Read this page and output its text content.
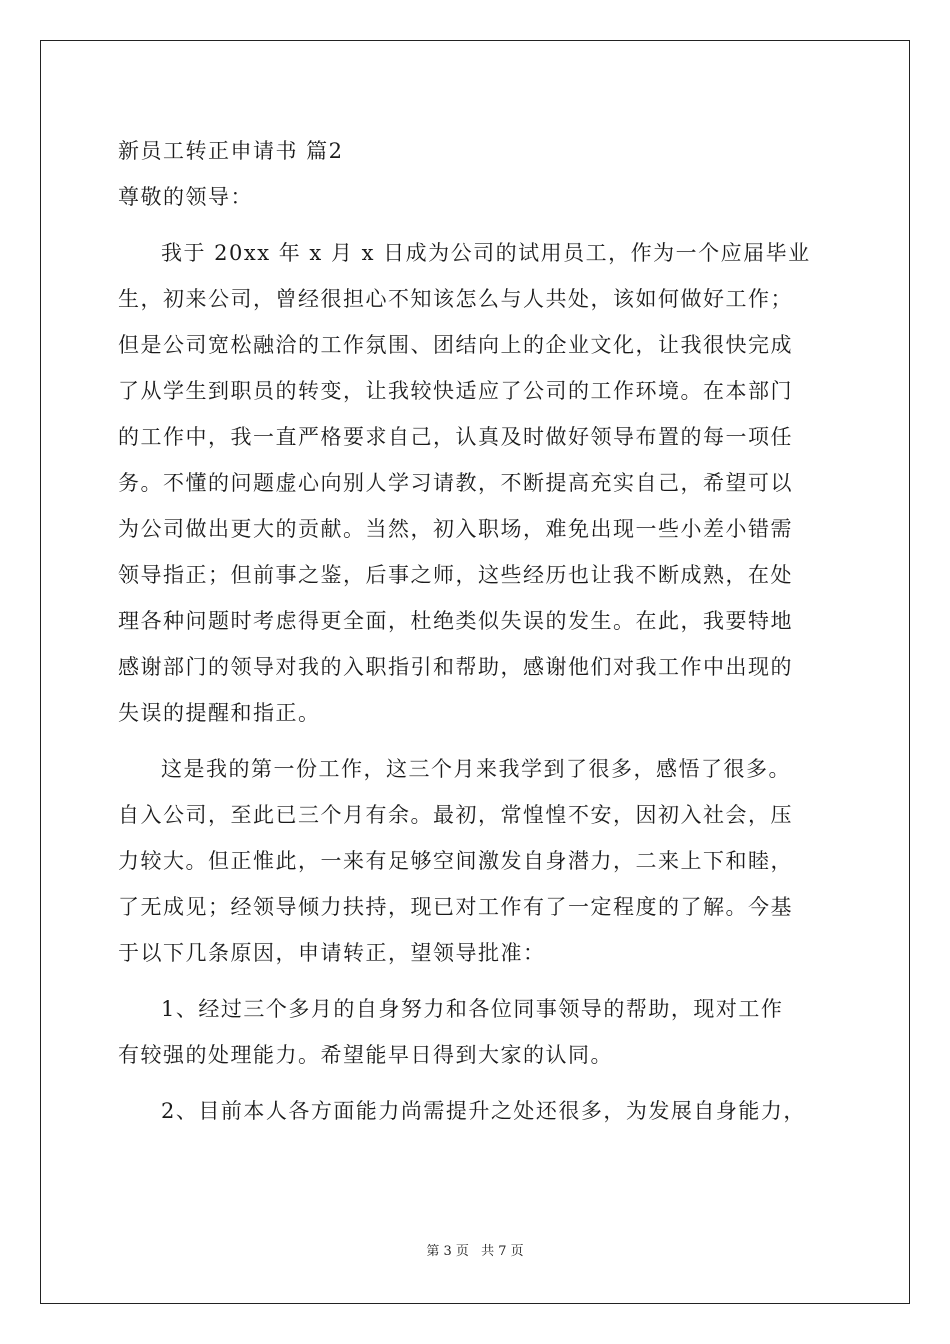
新员工转正申请书 篇2
尊敬的领导：
我于 20xx 年 x 月 x 日成为公司的试用员工，作为一个应届毕业
生，初来公司，曾经很担心不知该怎么与人共处，该如何做好工作；
但是公司宽松融洽的工作氛围、团结向上的企业文化，让我很快完成
了从学生到职员的转变，让我较快适应了公司的工作环境。在本部门
的工作中，我一直严格要求自己，认真及时做好领导布置的每一项任
务。不懂的问题虚心向别人学习请教，不断提高充实自己，希望可以
为公司做出更大的贡献。当然，初入职场，难免出现一些小差小错需
领导指正；但前事之鉴，后事之师，这些经历也让我不断成熟，在处
理各种问题时考虑得更全面，杜绝类似失误的发生。在此，我要特地
感谢部门的领导对我的入职指引和帮助，感谢他们对我工作中出现的
失误的提醒和指正。
这是我的第一份工作，这三个月来我学到了很多，感悟了很多。
自入公司，至此已三个月有余。最初，常惶惶不安，因初入社会，压
力较大。但正惟此，一来有足够空间激发自身潜力，二来上下和睦，
了无成见；经领导倾力扶持，现已对工作有了一定程度的了解。今基
于以下几条原因，申请转正，望领导批准：
1、经过三个多月的自身努力和各位同事领导的帮助，现对工作
有较强的处理能力。希望能早日得到大家的认同。
2、目前本人各方面能力尚需提升之处还很多，为发展自身能力，
第 3 页 共 7 页
